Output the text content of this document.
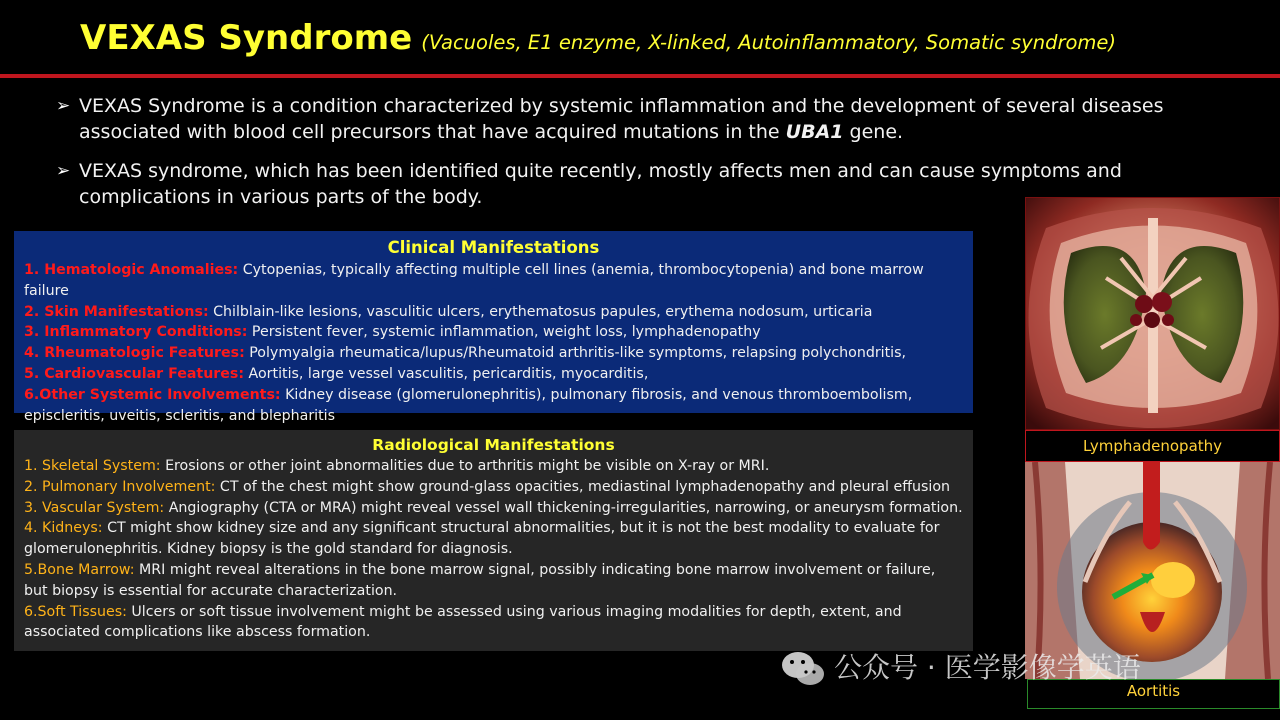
VEXAS Syndrome (Vacuoles, E1 enzyme, X-linked, Autoinflammatory, Somatic syndrome)
➢ VEXAS Syndrome is a condition characterized by systemic inflammation and the development of several diseases associated with blood cell precursors that have acquired mutations in the UBA1 gene.
➢ VEXAS syndrome, which has been identified quite recently, mostly affects men and can cause symptoms and complications in various parts of the body.
Clinical Manifestations
1. Hematologic Anomalies: Cytopenias, typically affecting multiple cell lines (anemia, thrombocytopenia) and bone marrow failure
2. Skin Manifestations: Chilblain-like lesions, vasculitic ulcers, erythematosus papules, erythema nodosum, urticaria
3. Inflammatory Conditions: Persistent fever, systemic inflammation, weight loss, lymphadenopathy
4. Rheumatologic Features: Polymyalgia rheumatica/lupus/Rheumatoid arthritis-like symptoms, relapsing polychondritis,
5. Cardiovascular Features: Aortitis, large vessel vasculitis, pericarditis, myocarditis,
6.Other Systemic Involvements: Kidney disease (glomerulonephritis), pulmonary fibrosis, and venous thromboembolism, episcleritis, uveitis, scleritis, and blepharitis
Radiological Manifestations
1. Skeletal System: Erosions or other joint abnormalities due to arthritis might be visible on X-ray or MRI.
2. Pulmonary Involvement: CT of the chest might show ground-glass opacities, mediastinal lymphadenopathy and pleural effusion
3. Vascular System: Angiography (CTA or MRA) might reveal vessel wall thickening-irregularities, narrowing, or aneurysm formation.
4. Kidneys: CT might show kidney size and any significant structural abnormalities, but it is not the best modality to evaluate for glomerulonephritis. Kidney biopsy is the gold standard for diagnosis.
5.Bone Marrow: MRI might reveal alterations in the bone marrow signal, possibly indicating bone marrow involvement or failure, but biopsy is essential for accurate characterization.
6.Soft Tissues: Ulcers or soft tissue involvement might be assessed using various imaging modalities for depth, extent, and associated complications like abscess formation.
Lymphadenopathy
Aortitis
公众号 · 医学影像学英语
